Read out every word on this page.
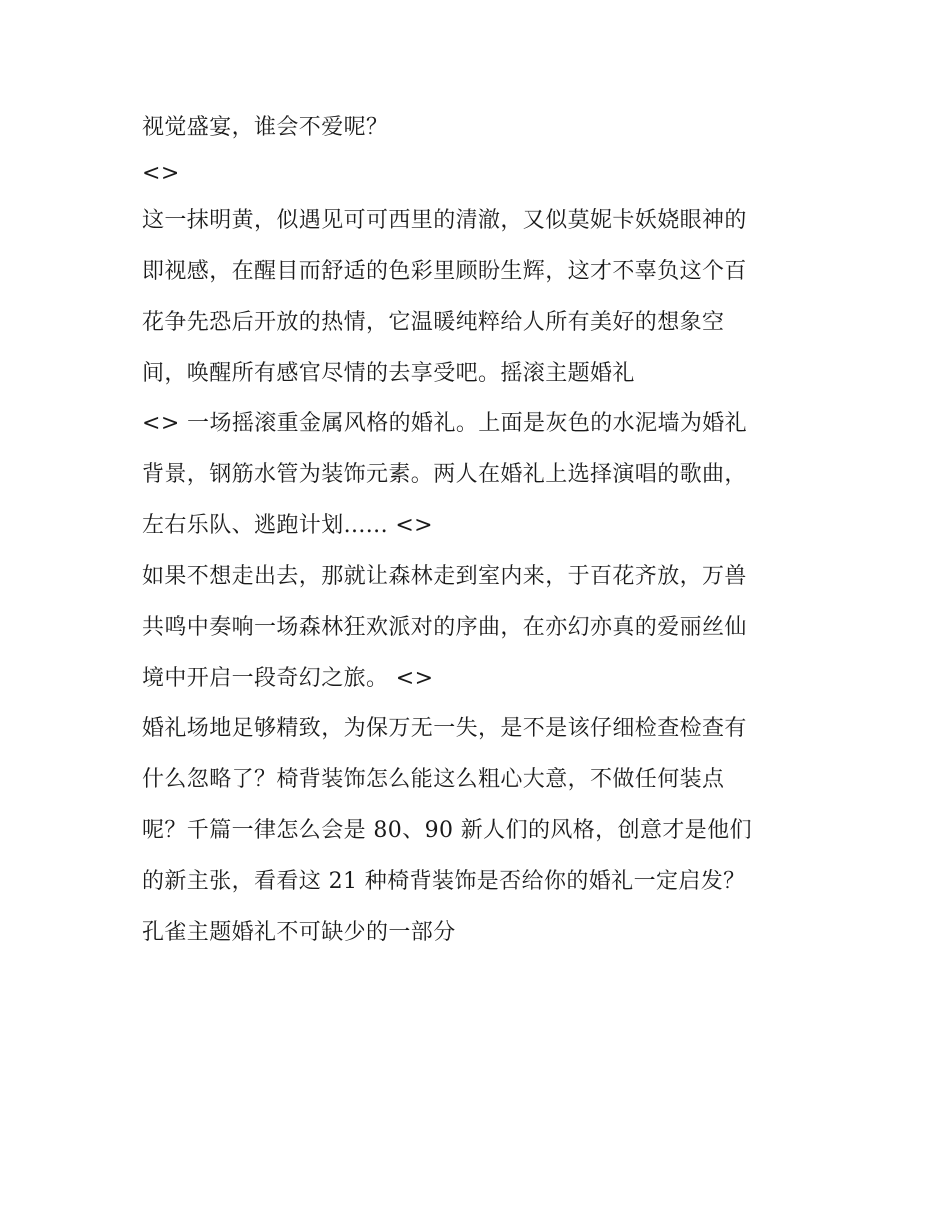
视觉盛宴，谁会不爱呢？
<>
这一抹明黄，似遇见可可西里的清澈，又似莫妮卡妖娆眼神的
即视感，在醒目而舒适的色彩里顾盼生辉，这才不辜负这个百
花争先恐后开放的热情，它温暖纯粹给人所有美好的想象空
间，唤醒所有感官尽情的去享受吧。摇滚主题婚礼
<> 一场摇滚重金属风格的婚礼。上面是灰色的水泥墙为婚礼
背景，钢筋水管为装饰元素。两人在婚礼上选择演唱的歌曲，
左右乐队、逃跑计划...... <>
如果不想走出去，那就让森林走到室内来，于百花齐放，万兽
共鸣中奏响一场森林狂欢派对的序曲，在亦幻亦真的爱丽丝仙
境中开启一段奇幻之旅。 <>
婚礼场地足够精致，为保万无一失，是不是该仔细检查检查有
什么忽略了？椅背装饰怎么能这么粗心大意，不做任何装点
呢？千篇一律怎么会是 80、90 新人们的风格，创意才是他们
的新主张，看看这 21 种椅背装饰是否给你的婚礼一定启发？
孔雀主题婚礼不可缺少的一部分
